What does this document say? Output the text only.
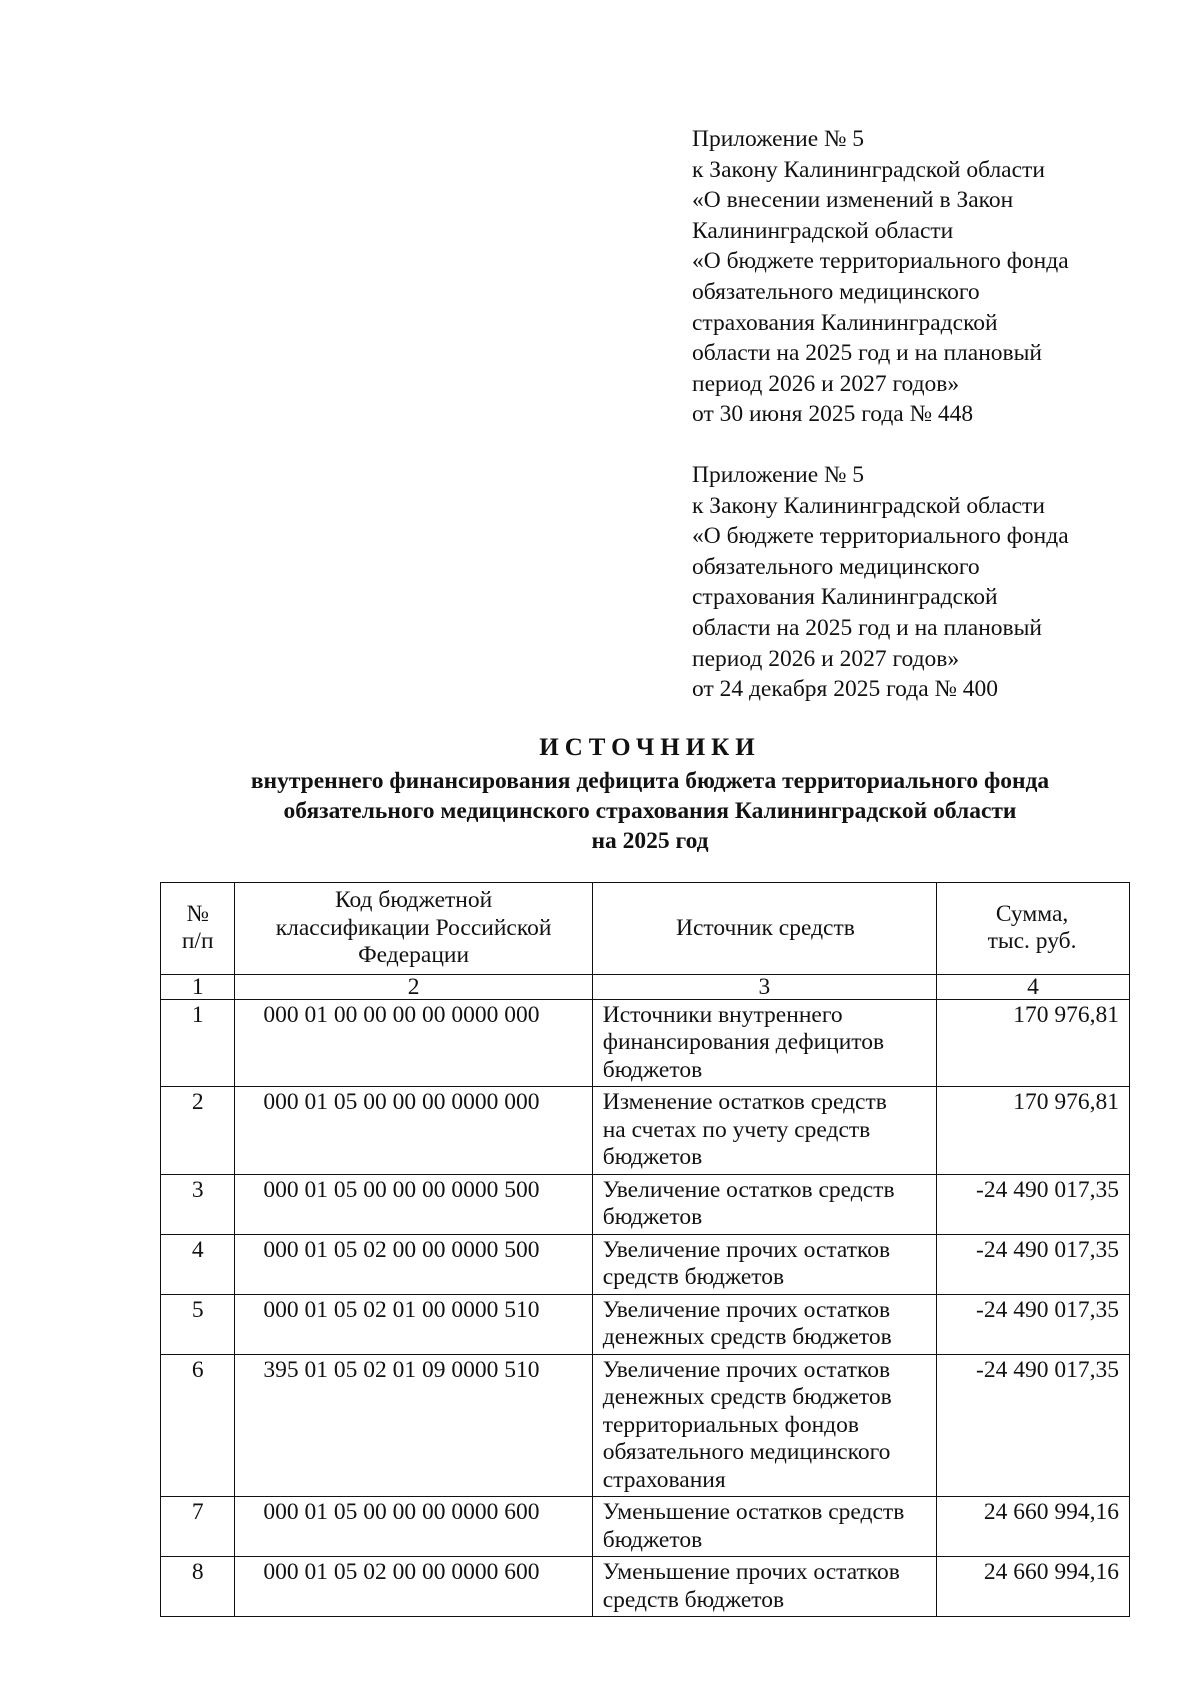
Приложение № 5
к Закону Калининградской области
«О внесении изменений в Закон
Калининградской области
«О бюджете территориального фонда
обязательного медицинского
страхования Калининградской
области на 2025 год и на плановый
период 2026 и 2027 годов»
от 30 июня 2025 года № 448
Приложение № 5
к Закону Калининградской области
«О бюджете территориального фонда
обязательного медицинского
страхования Калининградской
области на 2025 год и на плановый
период 2026 и 2027 годов»
от 24 декабря 2025 года № 400
ИСТОЧНИКИ
внутреннего финансирования дефицита бюджета территориального фонда
обязательного медицинского страхования Калининградской области
на 2025 год
№
п/п	Код бюджетной
классификации Российской
Федерации	Источник средств	Сумма,
тыс. руб.

1	2	3	4
1	000 01 00 00 00 00 0000 000	Источники внутреннего
финансирования дефицитов
бюджетов	170 976,81
2	000 01 05 00 00 00 0000 000	Изменение остатков средств
на счетах по учету средств
бюджетов	170 976,81
3	000 01 05 00 00 00 0000 500	Увеличение остатков средств
бюджетов	-24 490 017,35
4	000 01 05 02 00 00 0000 500	Увеличение прочих остатков
средств бюджетов	-24 490 017,35
5	000 01 05 02 01 00 0000 510	Увеличение прочих остатков
денежных средств бюджетов	-24 490 017,35
6	395 01 05 02 01 09 0000 510	Увеличение прочих остатков
денежных средств бюджетов
территориальных фондов
обязательного медицинского
страхования	-24 490 017,35
7	000 01 05 00 00 00 0000 600	Уменьшение остатков средств
бюджетов	24 660 994,16
8	000 01 05 02 00 00 0000 600	Уменьшение прочих остатков
средств бюджетов	24 660 994,16
